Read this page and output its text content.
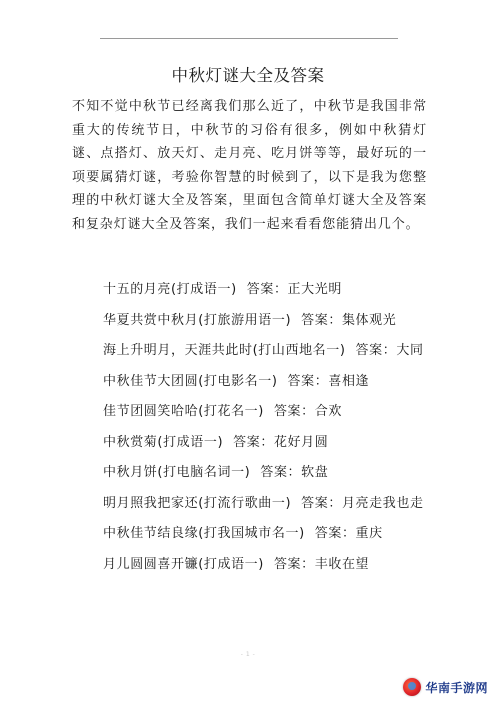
中秋灯谜大全及答案

不知不觉中秋节已经离我们那么近了，中秋节是我国非常重大的传统节日，中秋节的习俗有很多，例如中秋猜灯谜、点搭灯、放天灯、走月亮、吃月饼等等，最好玩的一项要属猜灯谜，考验你智慧的时候到了，以下是我为您整理的中秋灯谜大全及答案，里面包含简单灯谜大全及答案和复杂灯谜大全及答案，我们一起来看看您能猜出几个。

十五的月亮(打成语一) 答案：正大光明

华夏共赏中秋月(打旅游用语一) 答案：集体观光

海上升明月，天涯共此时(打山西地名一) 答案：大同

中秋佳节大团圆(打电影名一) 答案：喜相逢

佳节团圆笑哈哈(打花名一) 答案：合欢

中秋赏菊(打成语一) 答案：花好月圆

中秋月饼(打电脑名词一) 答案：软盘

明月照我把家还(打流行歌曲一) 答案：月亮走我也走

中秋佳节结良缘(打我国城市名一) 答案：重庆

月儿圆圆喜开镰(打成语一) 答案：丰收在望

- 1 -
华南手游网
